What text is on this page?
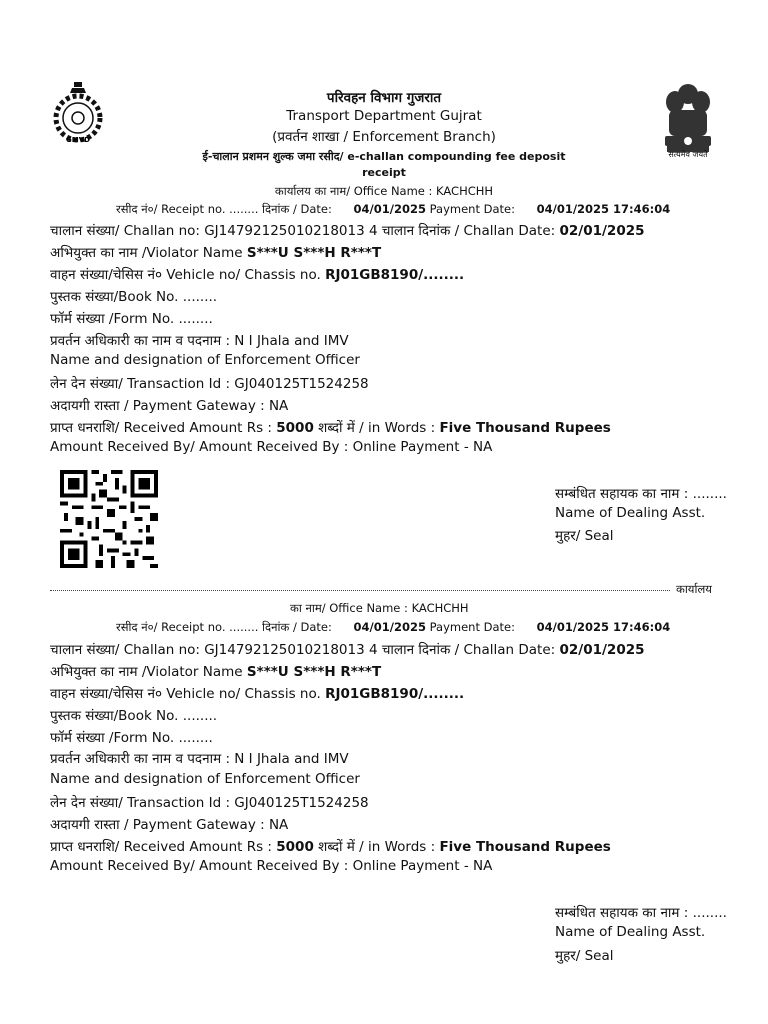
GMVD
सत्यमेव जयते
परिवहन विभाग गुजरात
Transport Department Gujrat
(प्रवर्तन शाखा / Enforcement Branch)
ई-चालान प्रशमन शुल्क जमा रसीद/ e-challan compounding fee deposit
receipt
कार्यालय का नाम/ Office Name : KACHCHH
रसीद नं०/ Receipt no. ........ दिनांक / Date: 04/01/2025 Payment Date: 04/01/2025 17:46:04
चालान संख्या/ Challan no: GJ14792125010218013 4 चालान दिनांक / Challan Date: 02/01/2025
अभियुक्त का नाम /Violator Name S***U S***H R***T
वाहन संख्या/चेसिस नं० Vehicle no/ Chassis no. RJ01GB8190/........
पुस्तक संख्या/Book No. ........
फॉर्म संख्या /Form No. ........
प्रवर्तन अधिकारी का नाम व पदनाम : N I Jhala and IMV
Name and designation of Enforcement Officer
लेन देन संख्या/ Transaction Id : GJ040125T1524258
अदायगी रास्ता / Payment Gateway : NA
प्राप्त धनराशि/ Received Amount Rs : 5000 शब्दों में / in Words : Five Thousand Rupees
Amount Received By/ Amount Received By : Online Payment - NA
सम्बंधित सहायक का नाम : ........
Name of Dealing Asst.
मुहर/ Seal
कार्यालय
का नाम/ Office Name : KACHCHH
रसीद नं०/ Receipt no. ........ दिनांक / Date: 04/01/2025 Payment Date: 04/01/2025 17:46:04
चालान संख्या/ Challan no: GJ14792125010218013 4 चालान दिनांक / Challan Date: 02/01/2025
अभियुक्त का नाम /Violator Name S***U S***H R***T
वाहन संख्या/चेसिस नं० Vehicle no/ Chassis no. RJ01GB8190/........
पुस्तक संख्या/Book No. ........
फॉर्म संख्या /Form No. ........
प्रवर्तन अधिकारी का नाम व पदनाम : N I Jhala and IMV
Name and designation of Enforcement Officer
लेन देन संख्या/ Transaction Id : GJ040125T1524258
अदायगी रास्ता / Payment Gateway : NA
प्राप्त धनराशि/ Received Amount Rs : 5000 शब्दों में / in Words : Five Thousand Rupees
Amount Received By/ Amount Received By : Online Payment - NA
सम्बंधित सहायक का नाम : ........
Name of Dealing Asst.
मुहर/ Seal
